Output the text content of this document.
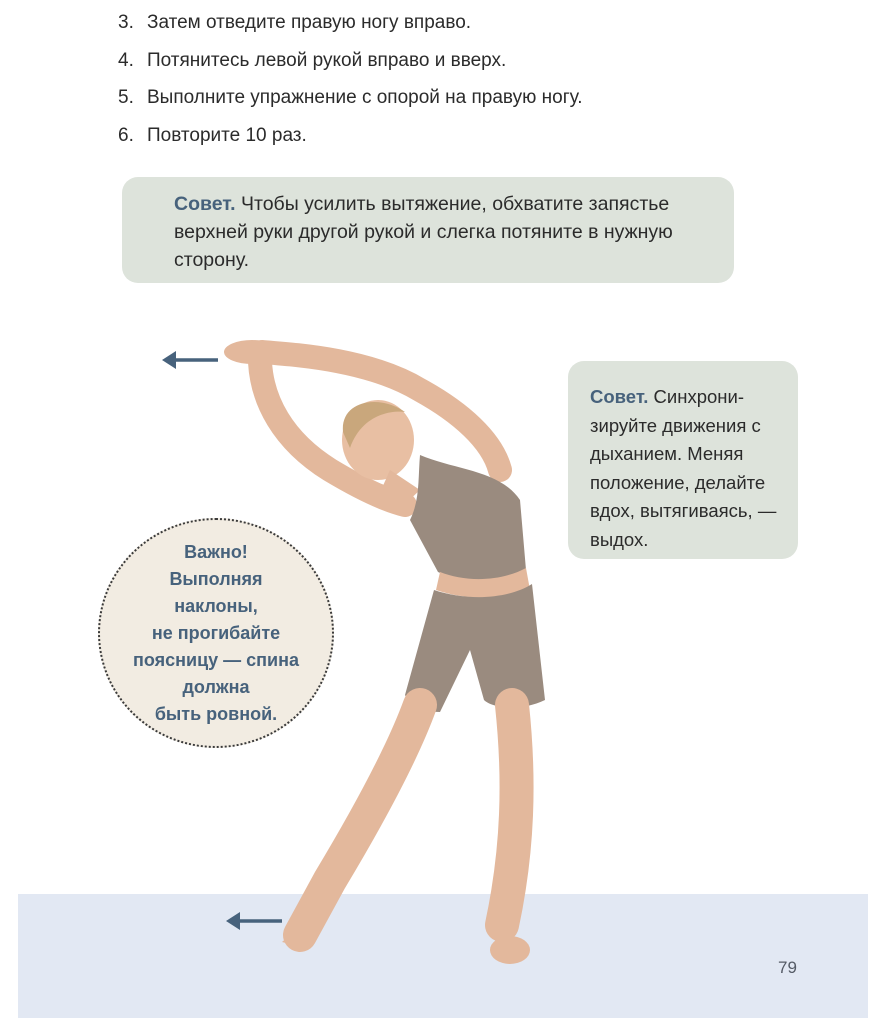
3. Затем отведите правую ногу вправо.
4. Потянитесь левой рукой вправо и вверх.
5. Выполните упражнение с опорой на правую ногу.
6. Повторите 10 раз.
Совет. Чтобы усилить вытяжение, обхватите запястье верхней руки другой рукой и слегка потяните в нужную сторону.
Совет. Синхронизируйте движения с дыханием. Меняя положение, делайте вдох, вытягиваясь, — выдох.
Важно!
Выполняя
наклоны,
не прогибайте
поясницу — спина
должна
быть ровной.
79
